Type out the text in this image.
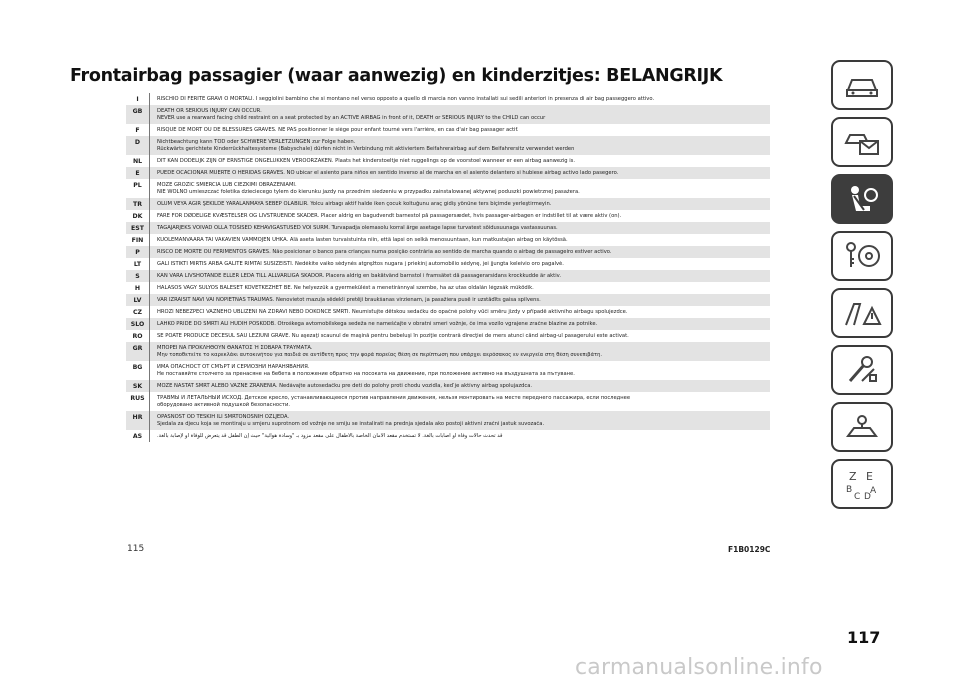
Frontairbag passagier (waar aanwezig) en kinderzitjes: BELANGRIJK
I	RISCHIO DI FERITE GRAVI O MORTALI. I seggiolini bambino che si montano nel verso opposto a quello di marcia non vanno installati sui sedili anteriori in presenza di air bag passeggero attivo.
GB	DEATH OR SERIOUS INJURY CAN OCCUR.
NEVER use a rearward facing child restraint on a seat protected by an ACTIVE AIRBAG in front of it, DEATH or SERIOUS INJURY to the CHILD can occur
F	RISQUE DE MORT OU DE BLESSURES GRAVES. NE PAS positionner le siège pour enfant tourné vers l'arrière, en cas d'air bag passager actif.
D	Nichtbeachtung kann TOD oder SCHWERE VERLETZUNGEN zur Folge haben.
Rückwärts gerichtete Kinderrückhaltesysteme (Babyschale) dürfen nicht in Verbindung mit aktiviertem Beifahrerairbag auf dem Beifahrersitz verwendet werden
NL	DIT KAN DODELIJK ZIJN OF ERNSTIGE ONGELUKKEN VEROORZAKEN. Plaats het kinderstoeltje niet ruggelings op de voorstoel wanneer er een airbag aanwezig is.
E	PUEDE OCACIONAR MUERTE O HERIDAS GRAVES. NO ubicar el asiento para niños en sentido inverso al de marcha en el asiento delantero si hubiese airbag activo lado pasegero.
PL	MOŻE GROZIĆ ŚMIERCIA LUB CIEŻKIMI OBRAŻENIAMI.
NIE WOLNO umieszczać foletika dzieciecego tylem do kierunku jazdy na przednim siedzeniu w przypadku zainstalowanej aktywnej poduszki powietrznej pasażera.
TR	ÖLÜM VEYA AĞIR ŞEKİLDE YARALANMAYA SEBEP OLABİLİR. Yolcu airbagı aktif halde iken çocuk koltuğunu araç gidiş yönüne ters biçimde yerleştirmeyin.
DK	FARE FOR DØDELIGE KVÆSTELSER OG LIVSTRUENDE SKADER. Placer aldrig en bagudvendt barnestol på passagersædet, hvis passager-airbagen er indstillet til at være aktiv (on).
EST	TAGAJÄRJEKS VÕIVAD OLLA TÕSISED KEHAVIGASTUSED VÕI SURM. Turvapadja olemasolu korral ärge asetage lapse turvatest sõidusuunaga vastassuunas.
FIN	KUOLEMANVAARA TAI VAKAVIEN VAMMOJEN UHKA. Älä aseta lasten turvaistuinta niin, että lapsi on selkä menosuuntaan, kun matkustajan airbag on käytössä.
P	RISCO DE MORTE OU FERIMENTOS GRAVES. Não posicionar o banco para crianças numa posição contrária ao sentido de marcha quando o airbag de passageiro estiver activo.
LT	GALI IŠTIKTI MIRTIS ARBA GALITE RIMTAI SUSIŽEISTI. Nedėkite vaiko sėdynės atgręžtos nugara į priekinį automobilio sėdynę, jei įjungta keleivio oro pagalvė.
S	KAN VARA LIVSHOTANDE ELLER LEDA TILL ALLVARLIGA SKADOR. Placera aldrig en bakåtvänd barnstol i framsätet då passagerarsidans krockkudde är aktiv.
H	HALÁSOS VAGY SÚLYOS BALESET KÖVETKEZHET BE. Ne helyezzük a gyermekülést a menetiránnyal szembe, ha az utas oldalán légzsák működik.
LV	VAR IZRAISĪT NĀVI VAI NOPIETNAS TRAUMAS. Nenovietot mazuļa sēdekli pretēji braukšanas virzienam, ja pasažiera pusē ir uzstādīts gaisa spilvens.
CZ	HROZÍ NEBEZPEČÍ VÁŽNÉHO UBLÍŽENÍ NA ZDRAVÍ NEBO DOKONCE SMRTI. Neumisťujte dětskou sedačku do opačné polohy vůči směru jízdy v případě aktivního airbagu spolujezdce.
SLO	LAHKO PRIDE DO SMRTI ALI HUDIH POŠKODB. Otroškega avtomobilskega sedeža ne nameščajte v obratni smeri vožnje, če ima vozilo vgrajene zračne blazine za potnike.
RO	SE POATE PRODUCE DECESUL SAU LEZIUNI GRAVE. Nu aşezaţi scaunul de maşină pentru bebeluşi în poziţie contrară direcţiei de mers atunci când airbag-ul pasagerului este activat.
GR	ΜΠΟΡΕΙ ΝΑ ΠΡΟΚΛΗΘΟΥΝ ΘΑΝΑΤΟΣ Ή ΣΟΒΑΡΑ ΤΡΑΥΜΑΤΑ.
Μην τοποθετείτε το καρεκλάκι αυτοκινήτου για παιδιά σε αντίθετη προς την φορά πορείας θέση σε περίπτωση που υπάρχει αερόσακος εν ενεργεία στη θέση συνεπιβάτη.
BG	ИМА ОПАСНОСТ ОТ СМЪРТ И СЕРИОЗНИ НАРАНЯВАНИЯ.
Не поставяйте столчето за пренасяне на бебета в положение обратно на посоката на движение, при положение активно на въздушната за пътуване.
SK	MÔŽE NASTAŤ SMRŤ ALEBO VÁŽNE ZRANENIA. Nedávajte autosedačku pre deti do polohy proti chodu vozidla, keď je aktívny airbag spolujazdca.
RUS	ТРАВМЫ И ЛЕТАЛЬНЫЙ ИСХОД. Детское кресло, устанавливающееся против направления движения, нельзя монтировать на месте переднего пассажира, если последнее
оборудовано активной подушкой безопасности.
HR	OPASNOST OD TEŠKIH ILI SMRTONOSNIH OZLJEDA.
Sjedala za djecu koja se montiraju u smjeru suprotnom od vožnje ne smiju se instalirati na prednja sjedala ako postoji aktivni zračni jastuk suvozača.
AS	قد تحدث حالات وفاة أو اصابات بالغة. لا تستخدم مقعد الأمان الخاصة بالأطفال على مقعد مزود بـ "وسادة هوائية" حيث إن الطفل قد يتعرض للوفاة أو لإصابة بالغة.
115	F1B0129C
117
carmanualsonline.info
Z E
B A
C D
